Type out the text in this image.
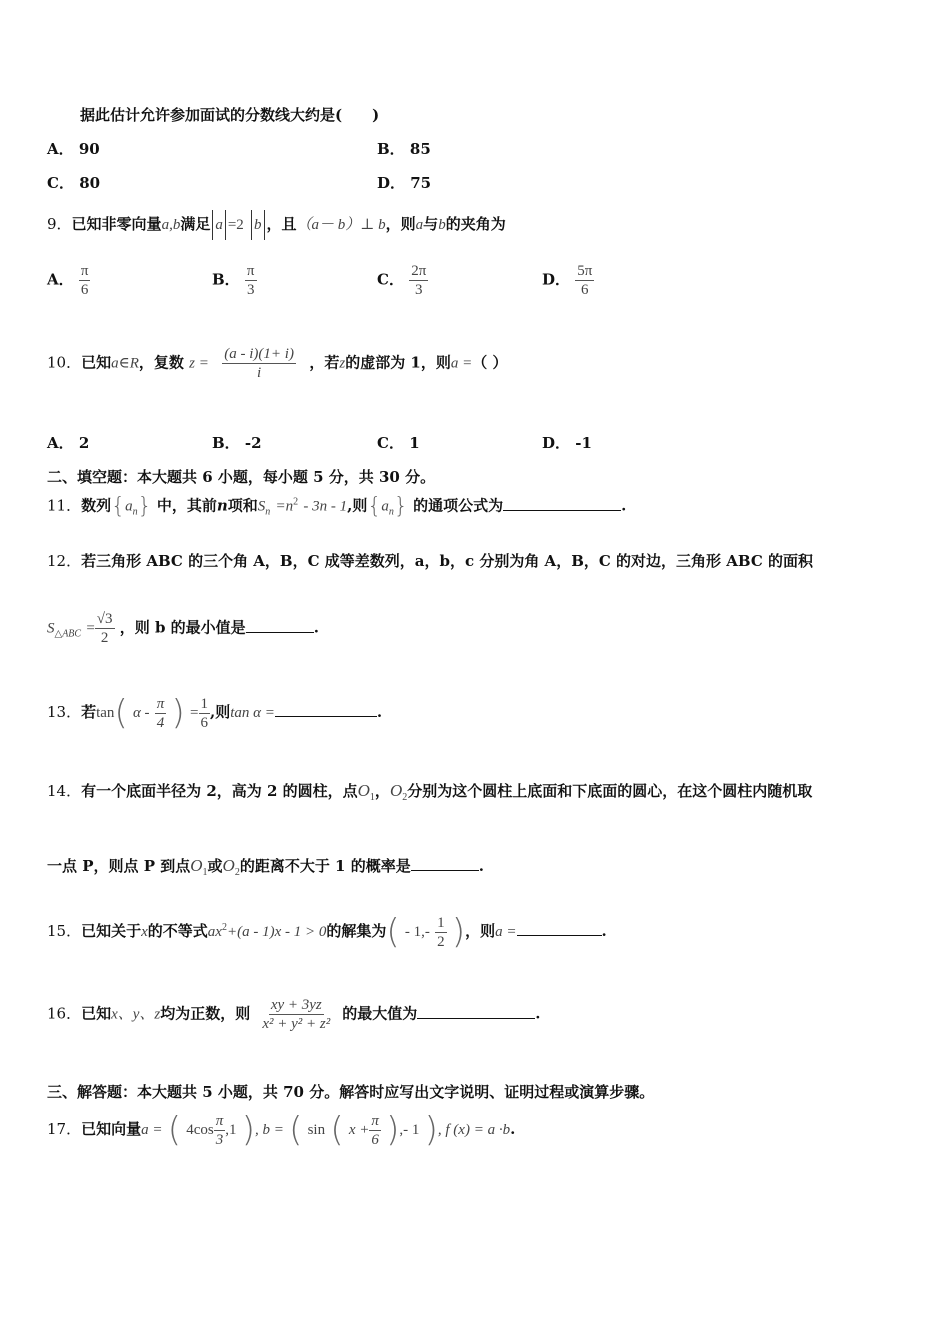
据此估计允许参加面试的分数线大约是(　　)
A． 90	B． 85
C． 80	D． 75
9．已知非零向量a,b满足 a =2 b ，且（a－ b）⊥ b，则a与b的夹角为
A． $\frac{\pi}{6}$	B． $\frac{\pi}{3}$	C． $\frac{2\pi}{3}$	D． $\frac{5\pi}{6}$
10．已知a∈R，复数 $z = \frac{(a - i)(1+ i)}{i}$ ，若z的虚部为 1，则a =（ ）
A． 2	B． -2	C． 1	D． -1
二、填空题：本大题共 6 小题，每小题 5 分，共 30 分。
11．数列$\{a_n\}$ 中，其前n项和$S_n =n^2 - 3n - 1$,则$\{a_n\}$ 的通项公式为	.
12．若三角形 ABC 的三个角 A，B，C 成等差数列，a，b，c 分别为角 A，B，C 的对边，三角形 ABC 的面积
$S_{\triangle ABC} = \frac{√3}{2}$ ，则 b 的最小值是	.
13．若tan( α - $\frac{\pi}{4}$ ) = $\frac{1}{6}$ ,则tan α =	.
14．有一个底面半径为 2，高为 2 的圆柱，点$O_1$，$O_2$分别为这个圆柱上底面和下底面的圆心，在这个圆柱内随机取
一点 P，则点 P 到点$O_1$或$O_2$的距离不大于 1 的概率是	.
15．已知关于x的不等式$ax^2+(a - 1)x - 1 > 0$的解集为( - $1,- \frac{1}{2}$ )，则a =	.
16．已知x、y、z均为正数，则 $\frac{xy + 3yz}{\text{x² + y² + z²}}$ 的最大值为	.
三、解答题：本大题共 5 小题，共 70 分。解答时应写出文字说明、证明过程或演算步骤。
17．已知向量a = ( $4\cos \frac{\pi}{3} ,1$ ), b = ( sin ( $x + \frac{\pi}{6}$ ),- 1 ), f (x) = a ·b.
